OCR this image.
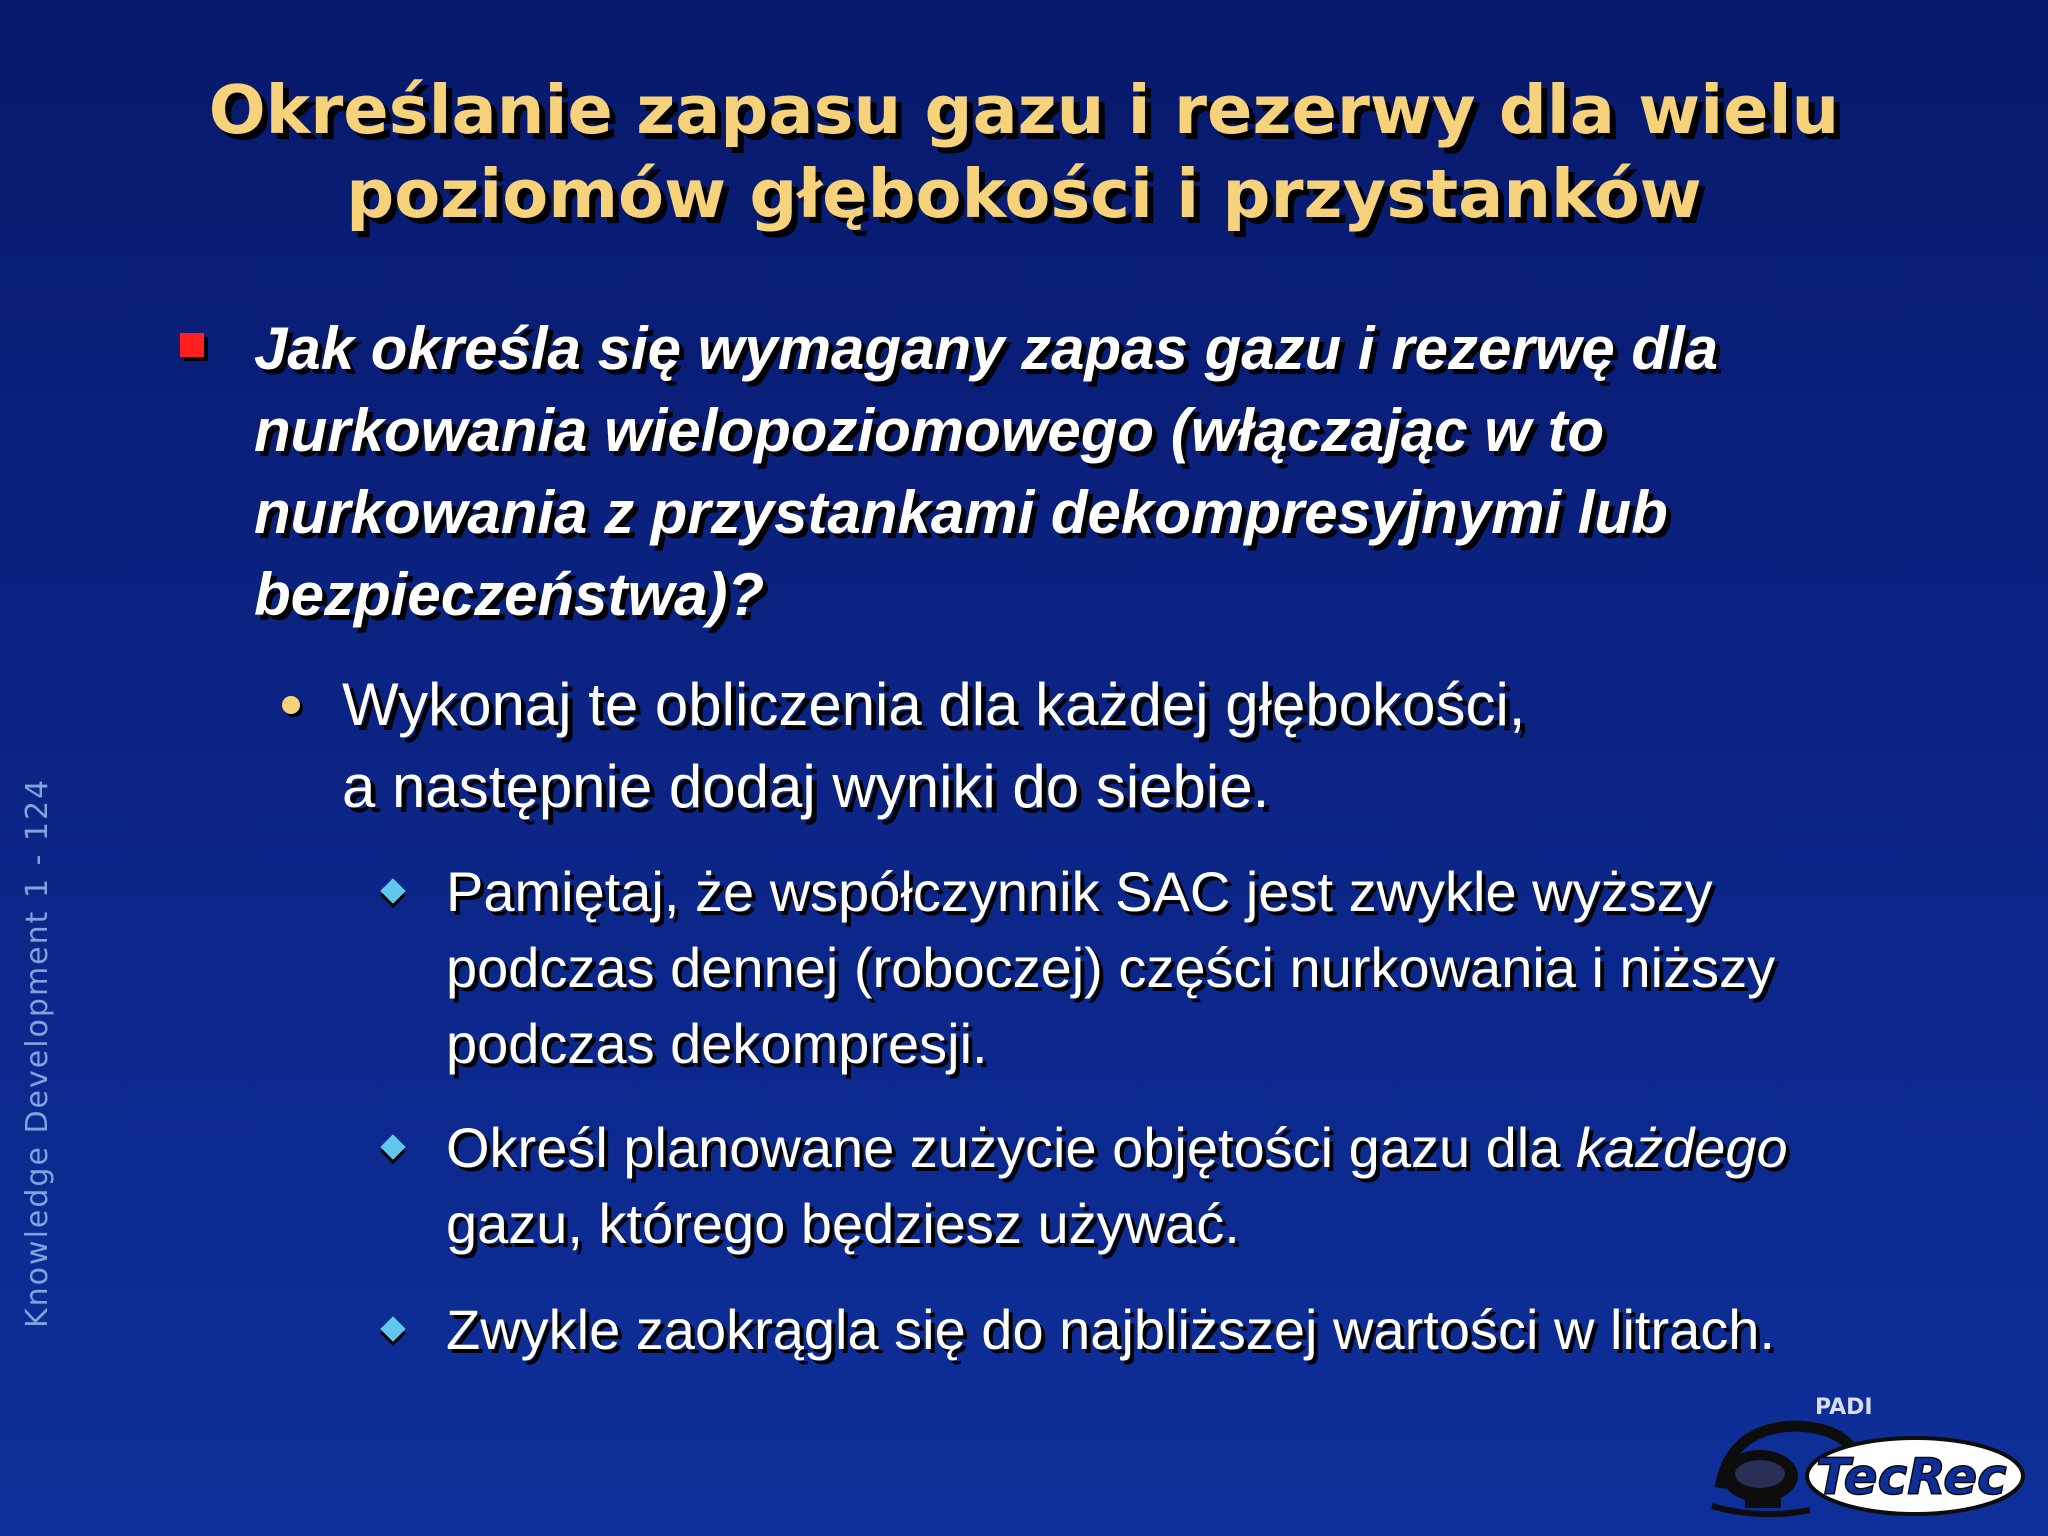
Określanie zapasu gazu i rezerwy dla wielu
poziomów głębokości i przystanków
Knowledge Development 1 - 124
Jak określa się wymagany zapas gazu i rezerwę dla
nurkowania wielopoziomowego (włączając w to
nurkowania z przystankami dekompresyjnymi lub
bezpieczeństwa)?
Wykonaj te obliczenia dla każdej głębokości,
a następnie dodaj wyniki do siebie.
Pamiętaj, że współczynnik SAC jest zwykle wyższy
podczas dennej (roboczej) części nurkowania i niższy
podczas dekompresji.
Określ planowane zużycie objętości gazu dla każdego
gazu, którego będziesz używać.
Zwykle zaokrągla się do najbliższej wartości w litrach.
PADI
TecRec
